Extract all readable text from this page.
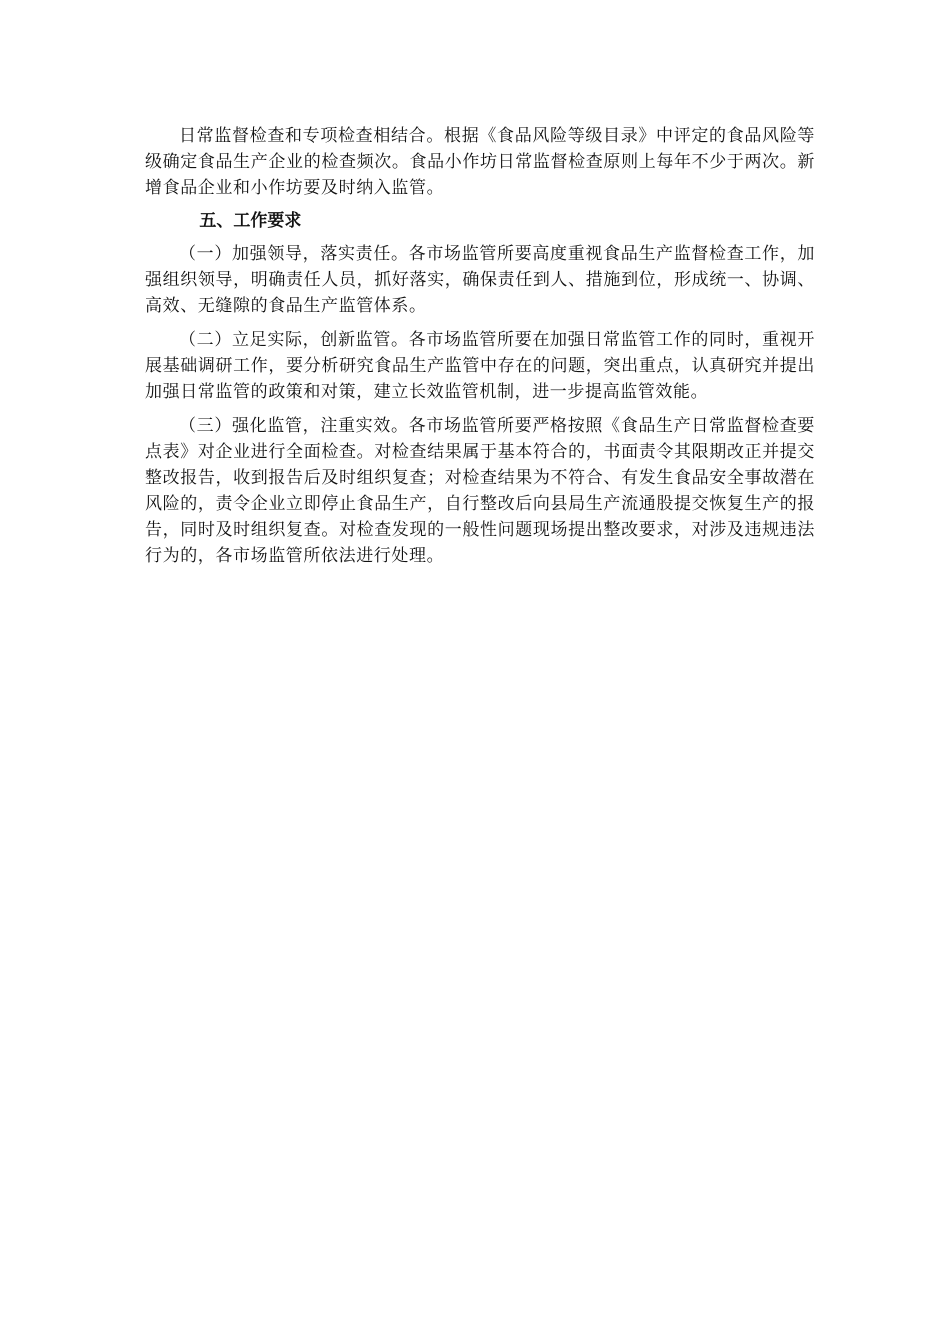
日常监督检查和专项检查相结合。根据《食品风险等级目录》中评定的食品风险等级确定食品生产企业的检查频次。食品小作坊日常监督检查原则上每年不少于两次。新增食品企业和小作坊要及时纳入监管。

五、工作要求

（一）加强领导，落实责任。各市场监管所要高度重视食品生产监督检查工作，加强组织领导，明确责任人员，抓好落实，确保责任到人、措施到位，形成统一、协调、高效、无缝隙的食品生产监管体系。

（二）立足实际，创新监管。各市场监管所要在加强日常监管工作的同时，重视开展基础调研工作，要分析研究食品生产监管中存在的问题，突出重点，认真研究并提出加强日常监管的政策和对策，建立长效监管机制，进一步提高监管效能。

（三）强化监管，注重实效。各市场监管所要严格按照《食品生产日常监督检查要点表》对企业进行全面检查。对检查结果属于基本符合的，书面责令其限期改正并提交整改报告，收到报告后及时组织复查；对检查结果为不符合、有发生食品安全事故潜在风险的，责令企业立即停止食品生产，自行整改后向县局生产流通股提交恢复生产的报告，同时及时组织复查。对检查发现的一般性问题现场提出整改要求，对涉及违规违法行为的，各市场监管所依法进行处理。
